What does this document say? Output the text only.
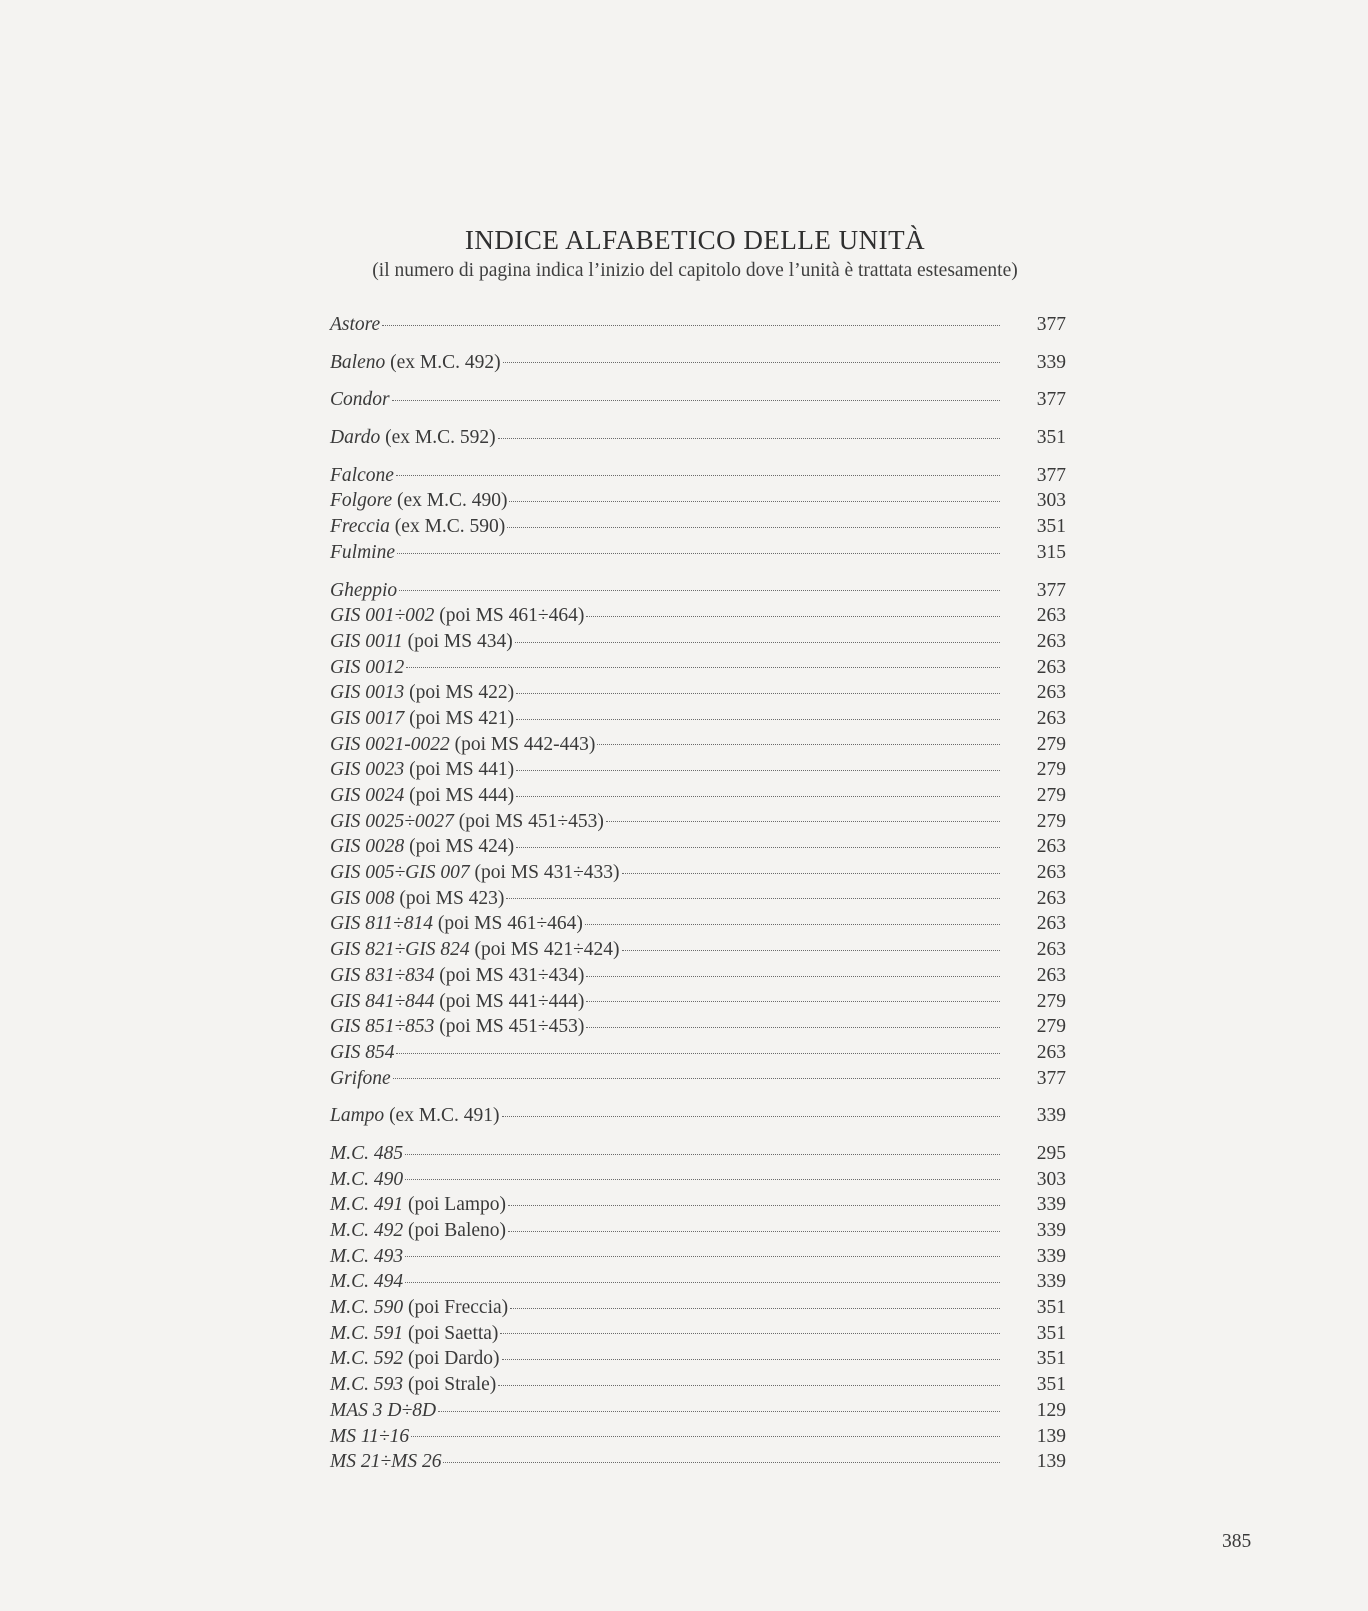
INDICE ALFABETICO DELLE UNITÀ
(il numero di pagina indica l’inizio del capitolo dove l’unità è trattata estesamente)
Astore	377
Baleno (ex M.C. 492)	339
Condor	377
Dardo (ex M.C. 592)	351
Falcone	377
Folgore (ex M.C. 490)	303
Freccia (ex M.C. 590)	351
Fulmine	315
Gheppio	377
GIS 001÷002 (poi MS 461÷464)	263
GIS 0011 (poi MS 434)	263
GIS 0012	263
GIS 0013 (poi MS 422)	263
GIS 0017 (poi MS 421)	263
GIS 0021-0022 (poi MS 442-443)	279
GIS 0023 (poi MS 441)	279
GIS 0024 (poi MS 444)	279
GIS 0025÷0027 (poi MS 451÷453)	279
GIS 0028 (poi MS 424)	263
GIS 005÷GIS 007 (poi MS 431÷433)	263
GIS 008 (poi MS 423)	263
GIS 811÷814 (poi MS 461÷464)	263
GIS 821÷GIS 824 (poi MS 421÷424)	263
GIS 831÷834 (poi MS 431÷434)	263
GIS 841÷844 (poi MS 441÷444)	279
GIS 851÷853 (poi MS 451÷453)	279
GIS 854	263
Grifone	377
Lampo (ex M.C. 491)	339
M.C. 485	295
M.C. 490	303
M.C. 491 (poi Lampo)	339
M.C. 492 (poi Baleno)	339
M.C. 493	339
M.C. 494	339
M.C. 590 (poi Freccia)	351
M.C. 591 (poi Saetta)	351
M.C. 592 (poi Dardo)	351
M.C. 593 (poi Strale)	351
MAS 3 D÷8D	129
MS 11÷16	139
MS 21÷MS 26	139
385
